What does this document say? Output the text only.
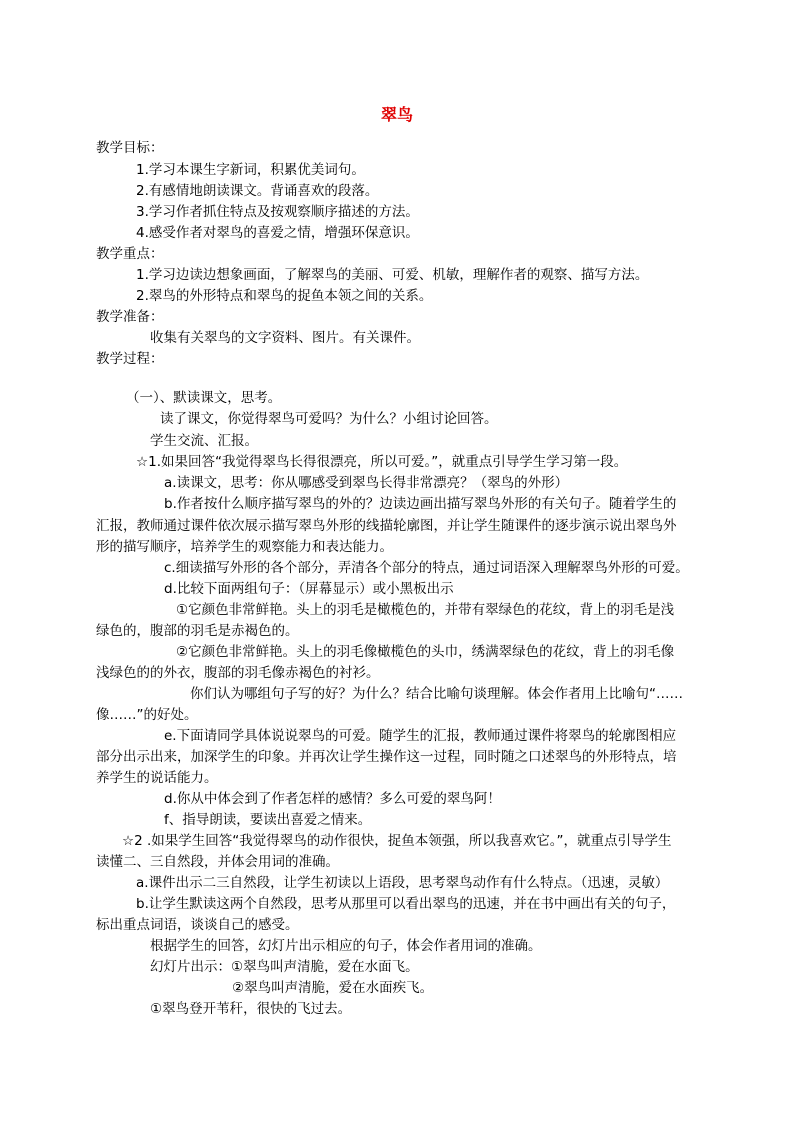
翠鸟
教学目标：
1.学习本课生字新词，积累优美词句。
2.有感情地朗读课文。背诵喜欢的段落。
3.学习作者抓住特点及按观察顺序描述的方法。
4.感受作者对翠鸟的喜爱之情，增强环保意识。
教学重点：
1.学习边读边想象画面，了解翠鸟的美丽、可爱、机敏，理解作者的观察、描写方法。
2.翠鸟的外形特点和翠鸟的捉鱼本领之间的关系。
教学准备：
收集有关翠鸟的文字资料、图片。有关课件。
教学过程：
（一）、默读课文，思考。
读了课文，你觉得翠鸟可爱吗？为什么？小组讨论回答。
学生交流、汇报。
☆1.如果回答“我觉得翠鸟长得很漂亮，所以可爱。”，就重点引导学生学习第一段。
a.读课文，思考：你从哪感受到翠鸟长得非常漂亮？（翠鸟的外形）
b.作者按什么顺序描写翠鸟的外的？边读边画出描写翠鸟外形的有关句子。随着学生的
汇报，教师通过课件依次展示描写翠鸟外形的线描轮廓图，并让学生随课件的逐步演示说出翠鸟外
形的描写顺序，培养学生的观察能力和表达能力。
c.细读描写外形的各个部分，弄清各个部分的特点，通过词语深入理解翠鸟外形的可爱。
d.比较下面两组句子：（屏幕显示）或小黑板出示
①它颜色非常鲜艳。头上的羽毛是橄榄色的，并带有翠绿色的花纹，背上的羽毛是浅
绿色的，腹部的羽毛是赤褐色的。
②它颜色非常鲜艳。头上的羽毛像橄榄色的头巾，绣满翠绿色的花纹，背上的羽毛像
浅绿色的的外衣，腹部的羽毛像赤褐色的衬衫。
你们认为哪组句子写的好？为什么？结合比喻句谈理解。体会作者用上比喻句“……
像……”的好处。
e.下面请同学具体说说翠鸟的可爱。随学生的汇报，教师通过课件将翠鸟的轮廓图相应
部分出示出来，加深学生的印象。并再次让学生操作这一过程，同时随之口述翠鸟的外形特点，培
养学生的说话能力。
d.你从中体会到了作者怎样的感情？多么可爱的翠鸟阿！
f、指导朗读，要读出喜爱之情来。
☆2 .如果学生回答“我觉得翠鸟的动作很快，捉鱼本领强，所以我喜欢它。”，就重点引导学生
读懂二、三自然段，并体会用词的准确。
a.课件出示二三自然段，让学生初读以上语段，思考翠鸟动作有什么特点。（迅速，灵敏）
b.让学生默读这两个自然段，思考从那里可以看出翠鸟的迅速，并在书中画出有关的句子，
标出重点词语，谈谈自己的感受。
根据学生的回答，幻灯片出示相应的句子，体会作者用词的准确。
幻灯片出示：①翠鸟叫声清脆，爱在水面飞。
②翠鸟叫声清脆，爱在水面疾飞。
①翠鸟登开苇秆，很快的飞过去。
